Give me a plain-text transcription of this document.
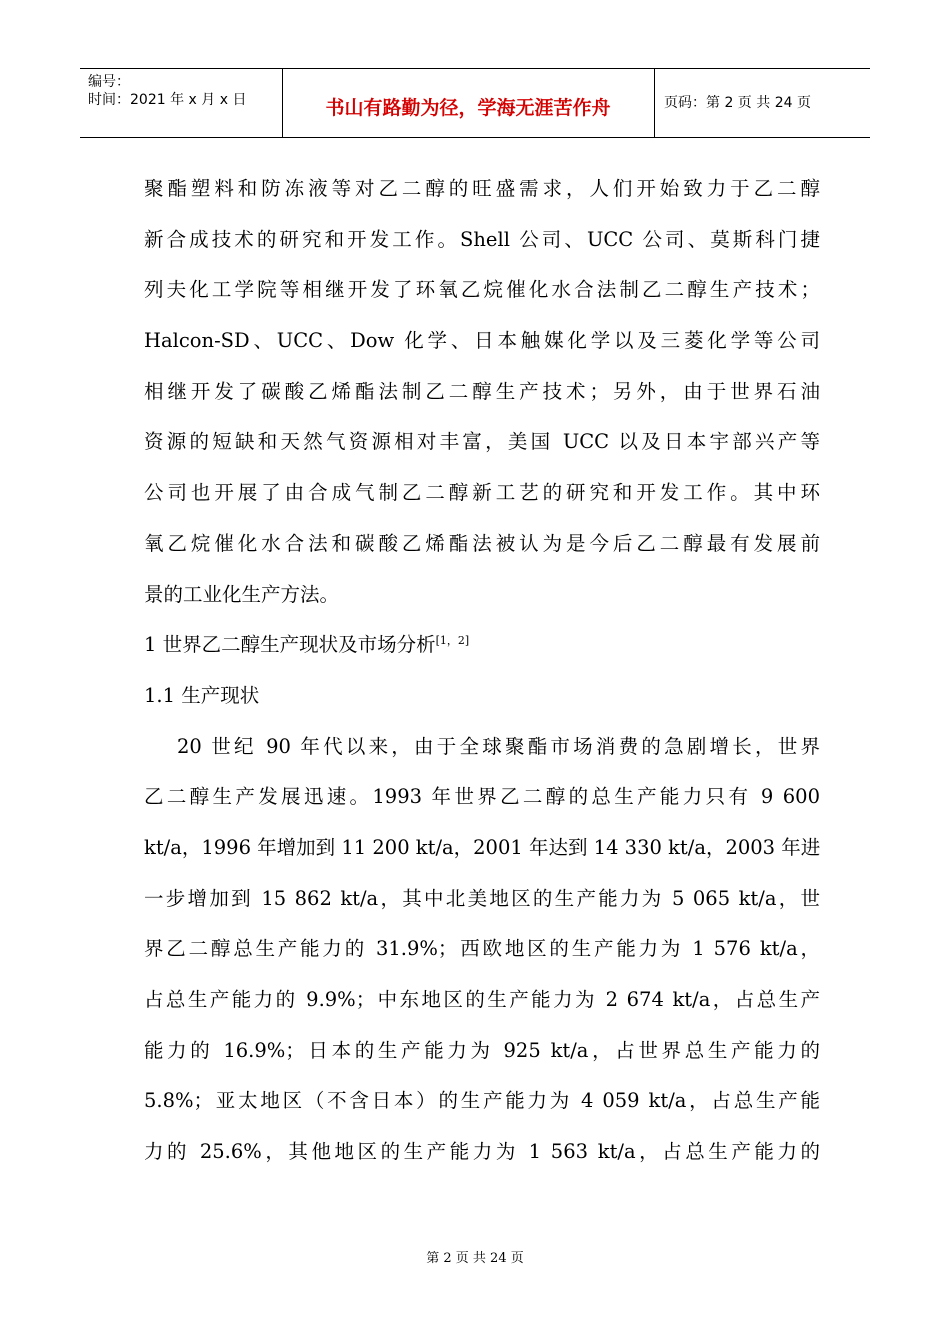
编号：
时间：2021 年 x 月 x 日	书山有路勤为径，学海无涯苦作舟	页码：第 2 页 共 24 页
聚酯塑料和防冻液等对乙二醇的旺盛需求，人们开始致力于乙二醇
新合成技术的研究和开发工作。Shell 公司、UCC 公司、莫斯科门捷
列夫化工学院等相继开发了环氧乙烷催化水合法制乙二醇生产技术；
Halcon-SD、UCC、Dow 化学、日本触媒化学以及三菱化学等公司
相继开发了碳酸乙烯酯法制乙二醇生产技术；另外，由于世界石油
资源的短缺和天然气资源相对丰富，美国 UCC 以及日本宇部兴产等
公司也开展了由合成气制乙二醇新工艺的研究和开发工作。其中环
氧乙烷催化水合法和碳酸乙烯酯法被认为是今后乙二醇最有发展前
景的工业化生产方法。
1 世界乙二醇生产现状及市场分析[1，2]
1.1 生产现状
20 世纪 90 年代以来，由于全球聚酯市场消费的急剧增长，世界
乙二醇生产发展迅速。1993 年世界乙二醇的总生产能力只有 9 600
kt/a，1996 年增加到 11 200 kt/a，2001 年达到 14 330 kt/a，2003 年进
一步增加到 15 862 kt/a，其中北美地区的生产能力为 5 065 kt/a，世
界乙二醇总生产能力的 31.9%；西欧地区的生产能力为 1 576 kt/a，
占总生产能力的 9.9%；中东地区的生产能力为 2 674 kt/a，占总生产
能力的 16.9%；日本的生产能力为 925 kt/a，占世界总生产能力的
5.8%；亚太地区（不含日本）的生产能力为 4 059 kt/a，占总生产能
力的 25.6%，其他地区的生产能力为 1 563 kt/a，占总生产能力的
第 2 页 共 24 页
